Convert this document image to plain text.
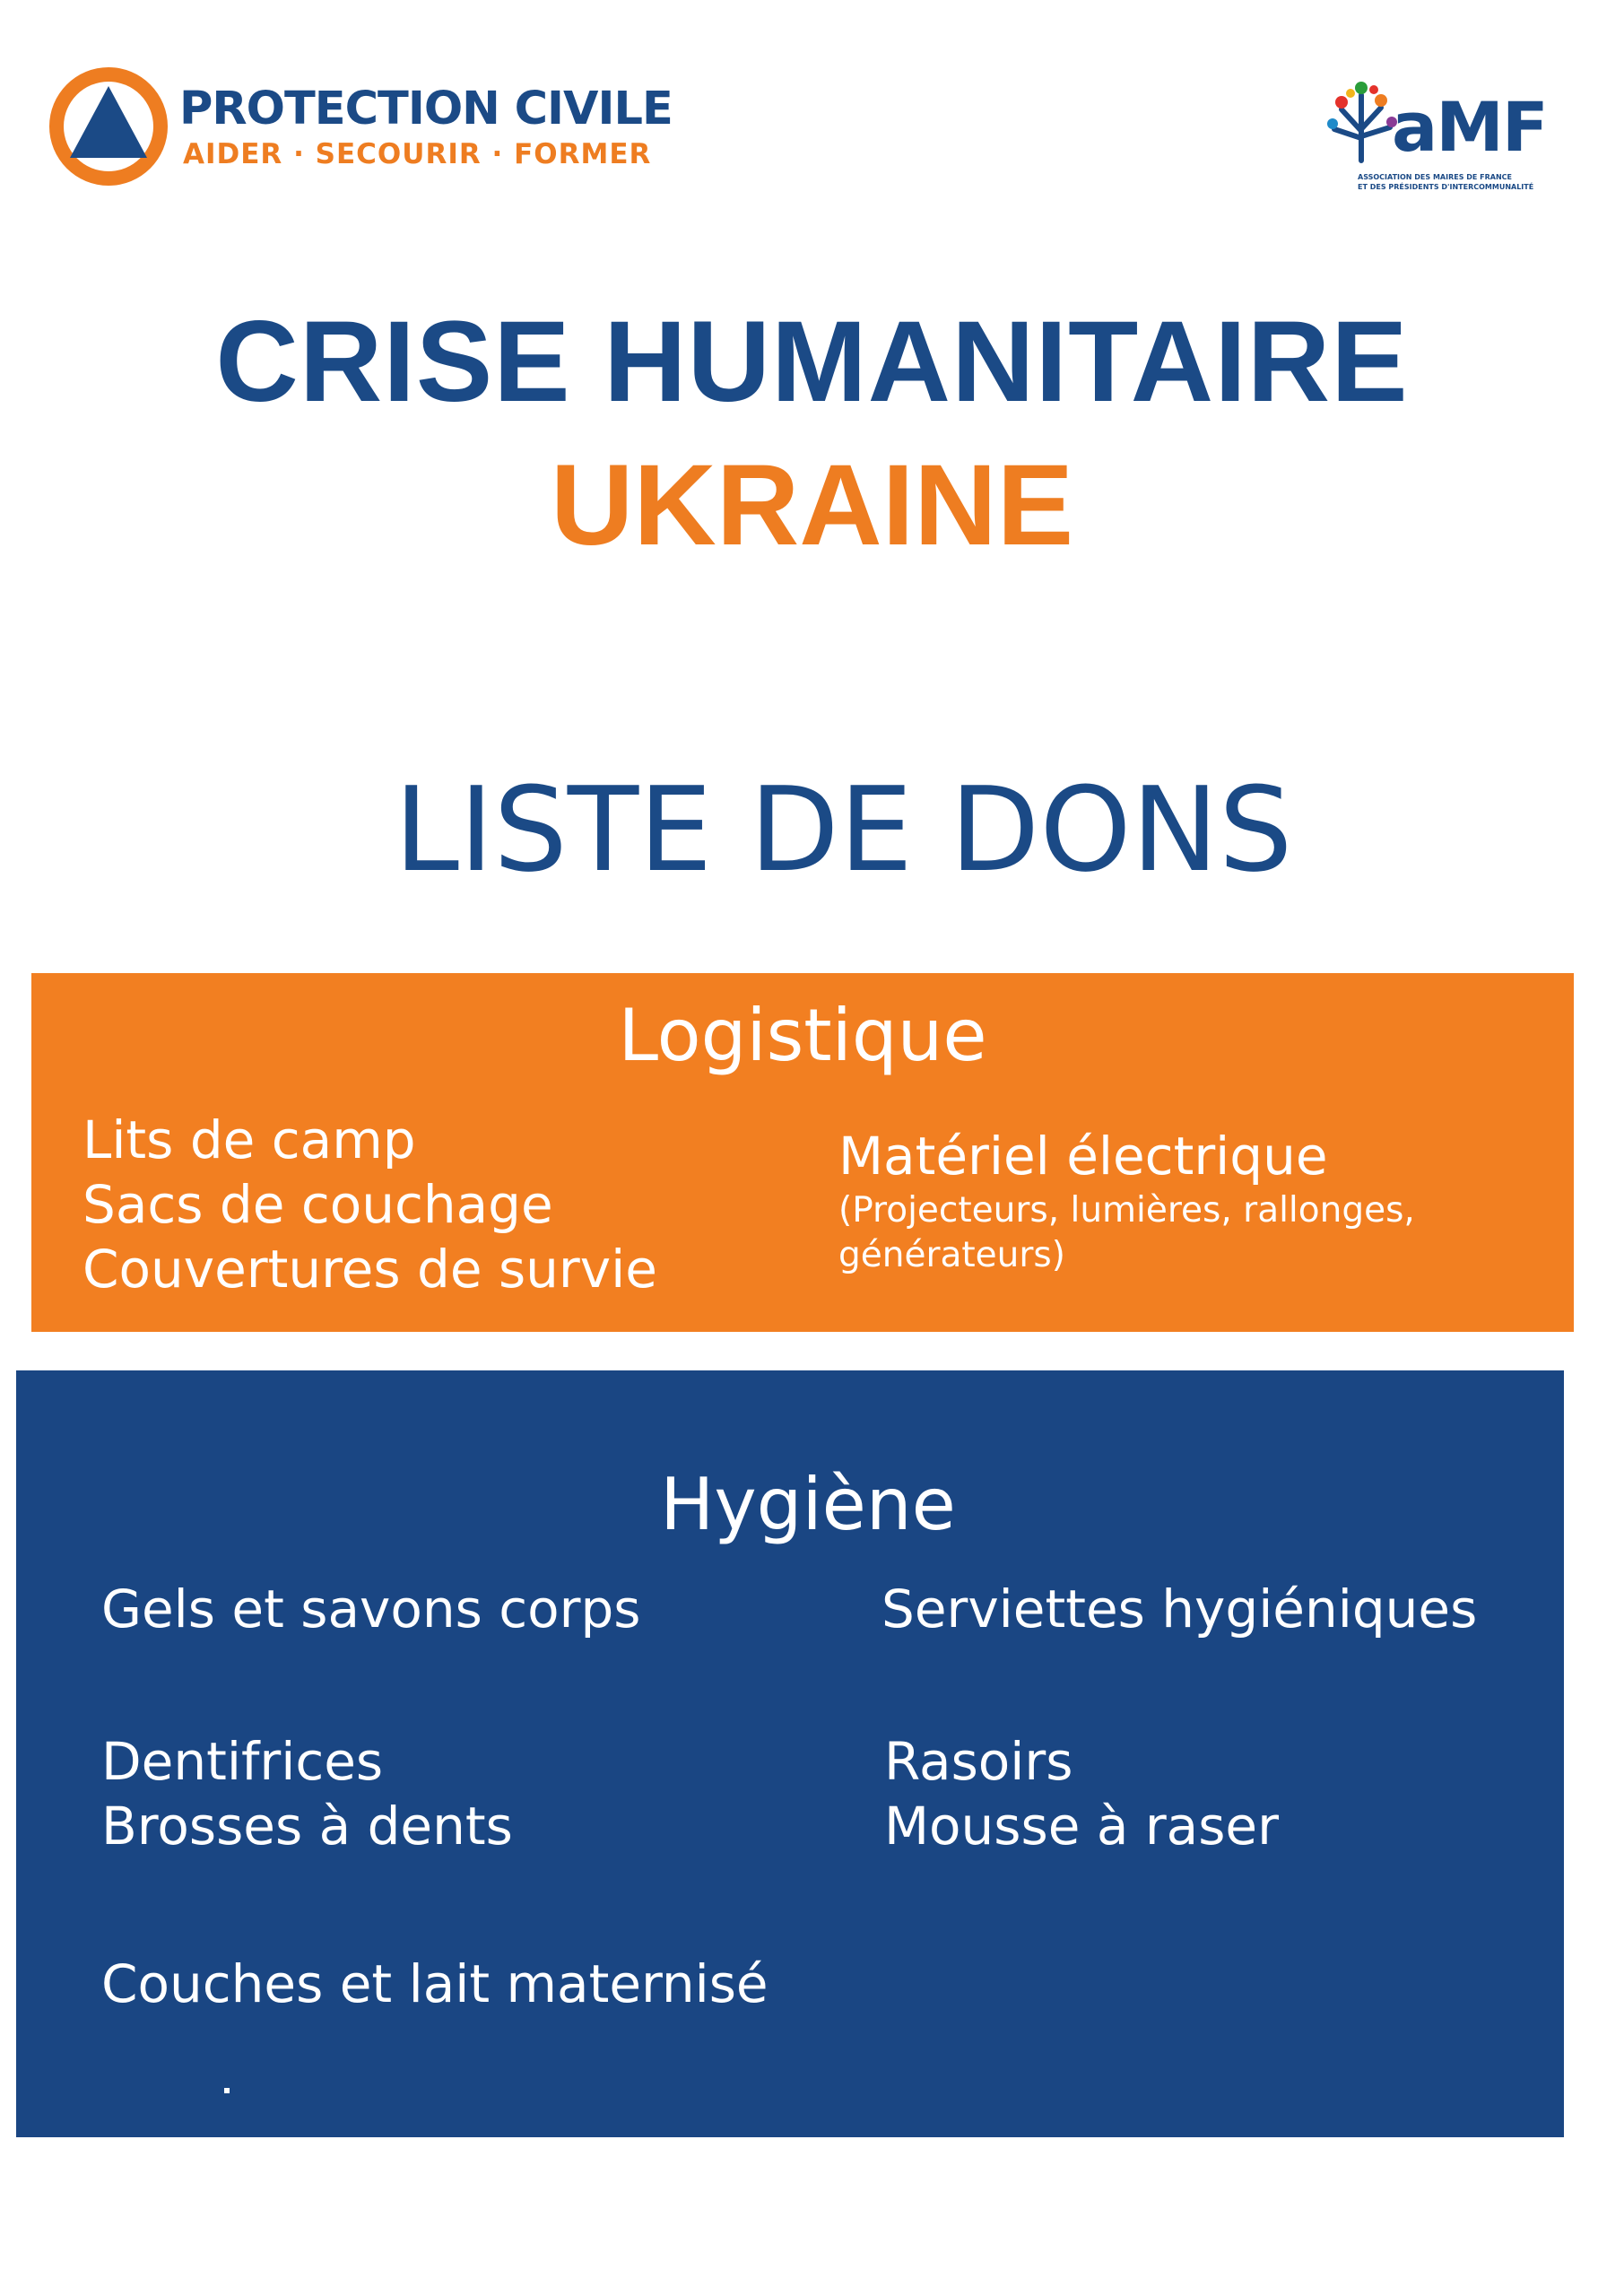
PROTECTION CIVILE
AIDER · SECOURIR · FORMER	aMF
ASSOCIATION DES MAIRES DE FRANCE
ET DES PRÉSIDENTS D'INTERCOMMUNALITÉ
CRISE HUMANITAIRE
UKRAINE
LISTE DE DONS
Logistique
Lits de camp
Sacs de couchage
Couvertures de survie
Matériel électrique
(Projecteurs, lumières, rallonges,
générateurs)
Hygiène
Gels et savons corps
Dentifrices
Brosses à dents
Couches et lait maternisé
Serviettes hygiéniques
Rasoirs
Mousse à raser
